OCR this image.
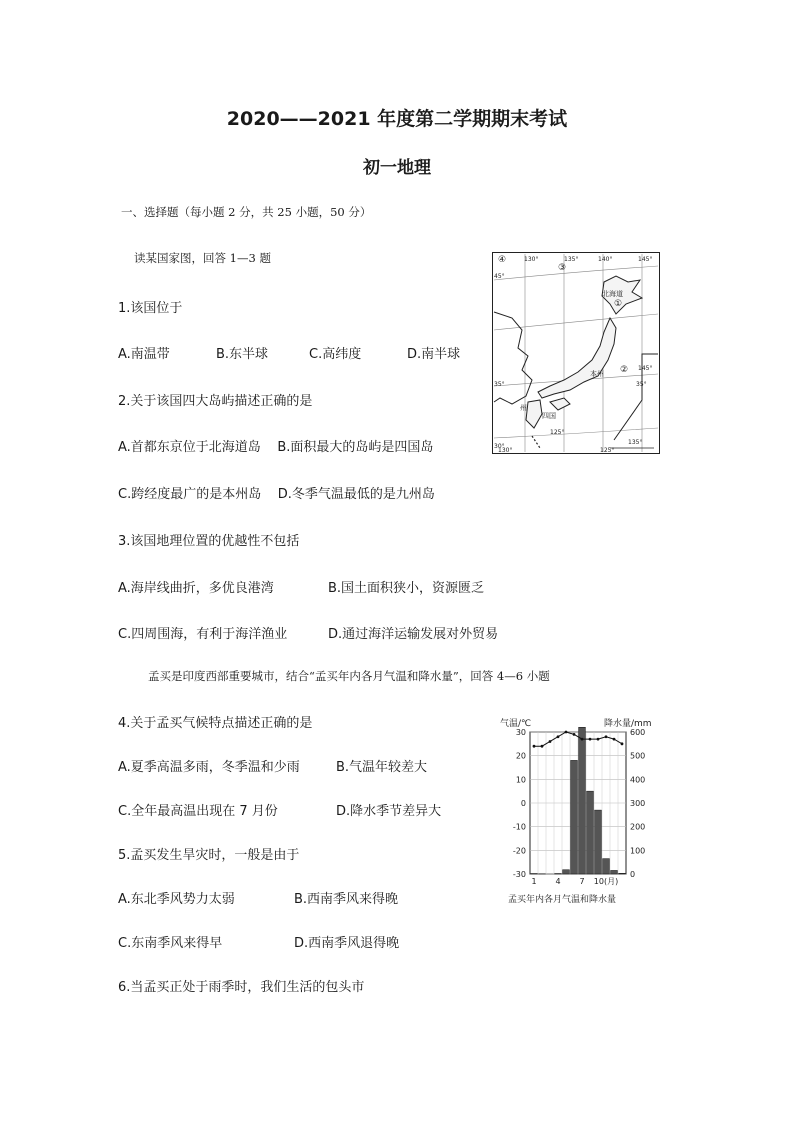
2020——2021 年度第二学期期末考试
初一地理
一、选择题（每小题 2 分，共 25 小题，50 分）
读某国家图，回答 1—3 题
1.该国位于
A.南温带	B.东半球	C.高纬度	D.南半球
2.关于该国四大岛屿描述正确的是
A.首都东京位于北海道岛    B.面积最大的岛屿是四国岛
C.跨经度最广的是本州岛    D.冬季气温最低的是九州岛
3.该国地理位置的优越性不包括
A.海岸线曲折，多优良港湾	B.国土面积狭小，资源匮乏
C.四周围海，有利于海洋渔业	D.通过海洋运输发展对外贸易
孟买是印度西部重要城市，结合“孟买年内各月气温和降水量”，回答 4—6 小题
4.关于孟买气候特点描述正确的是
A.夏季高温多雨，冬季温和少雨	B.气温年较差大
C.全年最高温出现在 7 月份	D.降水季节差异大
5.孟买发生旱灾时，一般是由于
A.东北季风势力太弱	B.西南季风来得晚
C.东南季风来得早	D.西南季风退得晚
6.当孟买正处于雨季时，我们生活的包头市
④
③
①
②
130°	135°	140°	145°
45°
35°
30°
35°
145°
125°
125°
135°
130°
北海道
本州
四国
州
气温/℃	降水量/mm
孟买年内各月气温和降水量
30	600
20	500
10	400
0	300
-10	200
-20	100
-30	0
1 4 7 10(月)
